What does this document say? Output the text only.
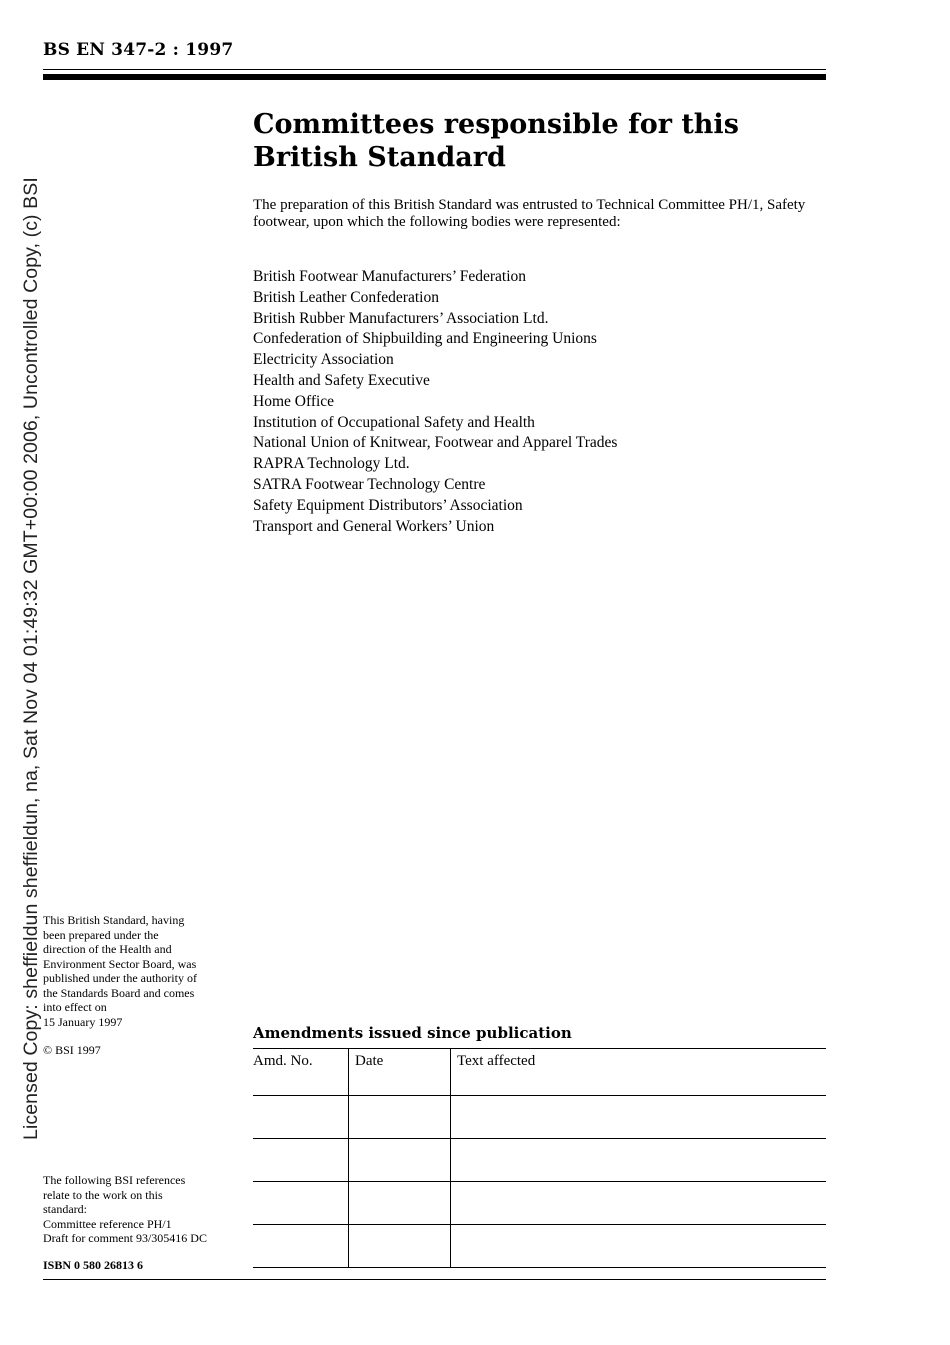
BS EN 347-2 : 1997
Committees responsible for this
British Standard
The preparation of this British Standard was entrusted to Technical Committee PH/1, Safety footwear, upon which the following bodies were represented:
British Footwear Manufacturers’ Federation
British Leather Confederation
British Rubber Manufacturers’ Association Ltd.
Confederation of Shipbuilding and Engineering Unions
Electricity Association
Health and Safety Executive
Home Office
Institution of Occupational Safety and Health
National Union of Knitwear, Footwear and Apparel Trades
RAPRA Technology Ltd.
SATRA Footwear Technology Centre
Safety Equipment Distributors’ Association
Transport and General Workers’ Union
This British Standard, having
been prepared under the
direction of the Health and
Environment Sector Board, was
published under the authority of
the Standards Board and comes
into effect on
15 January 1997
© BSI 1997
The following BSI references
relate to the work on this
standard:
Committee reference PH/1
Draft for comment 93/305416 DC
ISBN 0 580 26813 6
Licensed Copy: sheffieldun sheffieldun, na, Sat Nov 04 01:49:32 GMT+00:00 2006, Uncontrolled Copy, (c) BSI	Amendments issued since publication
Amd. No.	Date	Text affected
